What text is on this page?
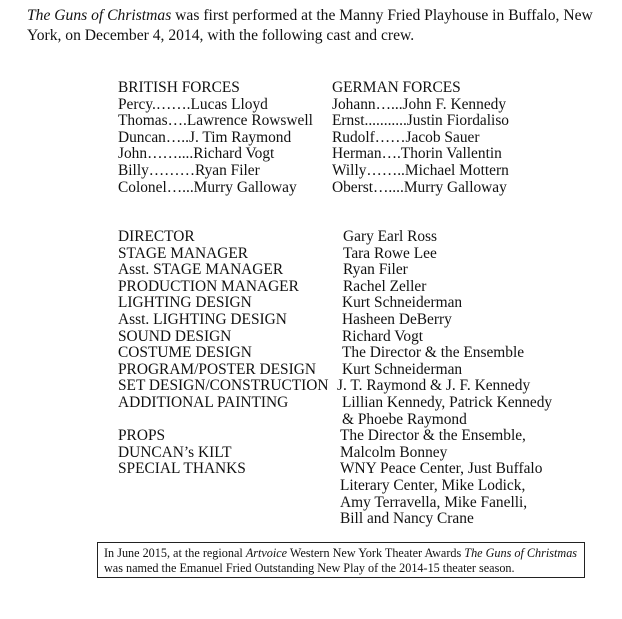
The Guns of Christmas was first performed at the Manny Fried Playhouse in Buffalo, New York, on December 4, 2014, with the following cast and crew.
BRITISH FORCES
Percy.…….Lucas Lloyd
Thomas….Lawrence Rowswell
Duncan…..J. Tim Raymond
John……....Richard Vogt
Billy………Ryan Filer
Colonel…...Murry Galloway
GERMAN FORCES
Johann…...John F. Kennedy
Ernst...........Justin Fiordaliso
Rudolf……Jacob Sauer
Herman….Thorin Vallentin
Willy……..Michael Mottern
Oberst…....Murry Galloway
DIRECTOR	Gary Earl Ross
STAGE MANAGER	Tara Rowe Lee
Asst. STAGE MANAGER	Ryan Filer
PRODUCTION MANAGER	Rachel Zeller
LIGHTING DESIGN	Kurt Schneiderman
Asst. LIGHTING DESIGN	Hasheen DeBerry
SOUND DESIGN	Richard Vogt
COSTUME DESIGN	The Director & the Ensemble
PROGRAM/POSTER DESIGN Kurt Schneiderman
SET DESIGN/CONSTRUCTION J. T. Raymond & J. F. Kennedy
ADDITIONAL PAINTING	Lillian Kennedy, Patrick Kennedy
& Phoebe Raymond
PROPS	The Director & the Ensemble,
DUNCAN’s KILT	Malcolm Bonney
SPECIAL THANKS	WNY Peace Center, Just Buffalo
Literary Center, Mike Lodick,
Amy Terravella, Mike Fanelli,
Bill and Nancy Crane
In June 2015, at the regional Artvoice Western New York Theater Awards The Guns of Christmas was named the Emanuel Fried Outstanding New Play of the 2014-15 theater season.
